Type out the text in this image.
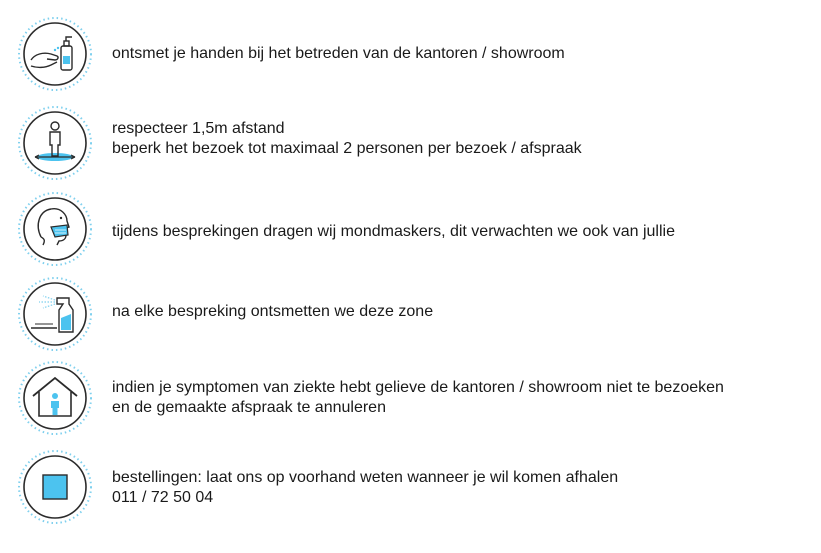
ontsmet je handen bij het betreden van de kantoren / showroom
respecteer 1,5m afstand
beperk het bezoek tot maximaal 2 personen per bezoek / afspraak
tijdens besprekingen dragen wij mondmaskers, dit verwachten we ook van jullie
na elke bespreking ontsmetten we deze zone
indien je symptomen van ziekte hebt gelieve de kantoren / showroom niet te bezoeken
en de gemaakte afspraak te annuleren
bestellingen: laat ons op voorhand weten wanneer je wil komen afhalen
011 / 72 50 04
